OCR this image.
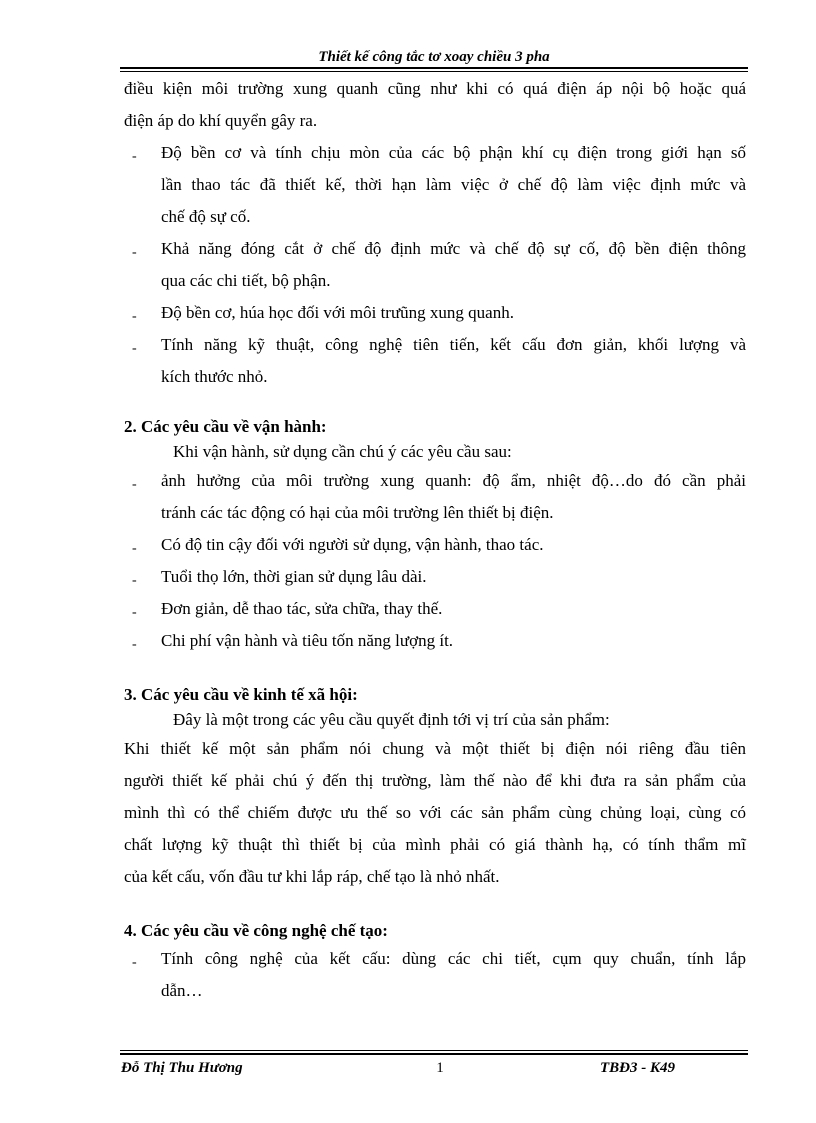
Thiết kế công tắc tơ xoay chiều 3 pha
điều kiện môi trường xung quanh cũng như khi có quá điện áp nội bộ hoặc quá
điện áp do khí quyển gây ra.
- Độ bền cơ và tính chịu mòn của các bộ phận khí cụ điện trong giới hạn số
lần thao tác đã thiết kế, thời hạn làm việc ở chế độ làm việc định mức và
chế độ sự cố.
- Khả năng đóng cắt ở chế độ định mức và chế độ sự cố, độ bền điện thông
qua các chi tiết, bộ phận.
- Độ bền cơ, húa học đối với môi trưũng xung quanh.
- Tính năng kỹ thuật, công nghệ tiên tiến, kết cấu đơn giản, khối lượng và
kích thước nhỏ.
2. Các yêu cầu về vận hành:
Khi vận hành, sử dụng cần chú ý các yêu cầu sau:
- ảnh hưởng của môi trường xung quanh: độ ẩm, nhiệt độ…do đó cần phải
tránh các tác động có hại của môi trường lên thiết bị điện.
- Có độ tin cậy đối với người sử dụng, vận hành, thao tác.
- Tuổi thọ lớn, thời gian sử dụng lâu dài.
- Đơn giản, dễ thao tác, sửa chữa, thay thế.
- Chi phí vận hành và tiêu tốn năng lượng ít.
3. Các yêu cầu về kinh tế xã hội:
Đây là một trong các yêu cầu quyết định tới vị trí của sản phẩm:
Khi thiết kế một sản phẩm nói chung và một thiết bị điện nói riêng đầu tiên
người thiết kế phải chú ý đến thị trường, làm thế nào để khi đưa ra sản phẩm của
mình thì có thể chiếm được ưu thế so với các sản phẩm cùng chủng loại, cùng có
chất lượng kỹ thuật thì thiết bị của mình phải có giá thành hạ, có tính thẩm mĩ
của kết cấu, vốn đầu tư khi lắp ráp, chế tạo là nhỏ nhất.
4. Các yêu cầu về công nghệ chế tạo:
- Tính công nghệ của kết cấu: dùng các chi tiết, cụm quy chuẩn, tính lắp
dẫn…
Đỗ Thị Thu Hương	1	TBĐ3 - K49
